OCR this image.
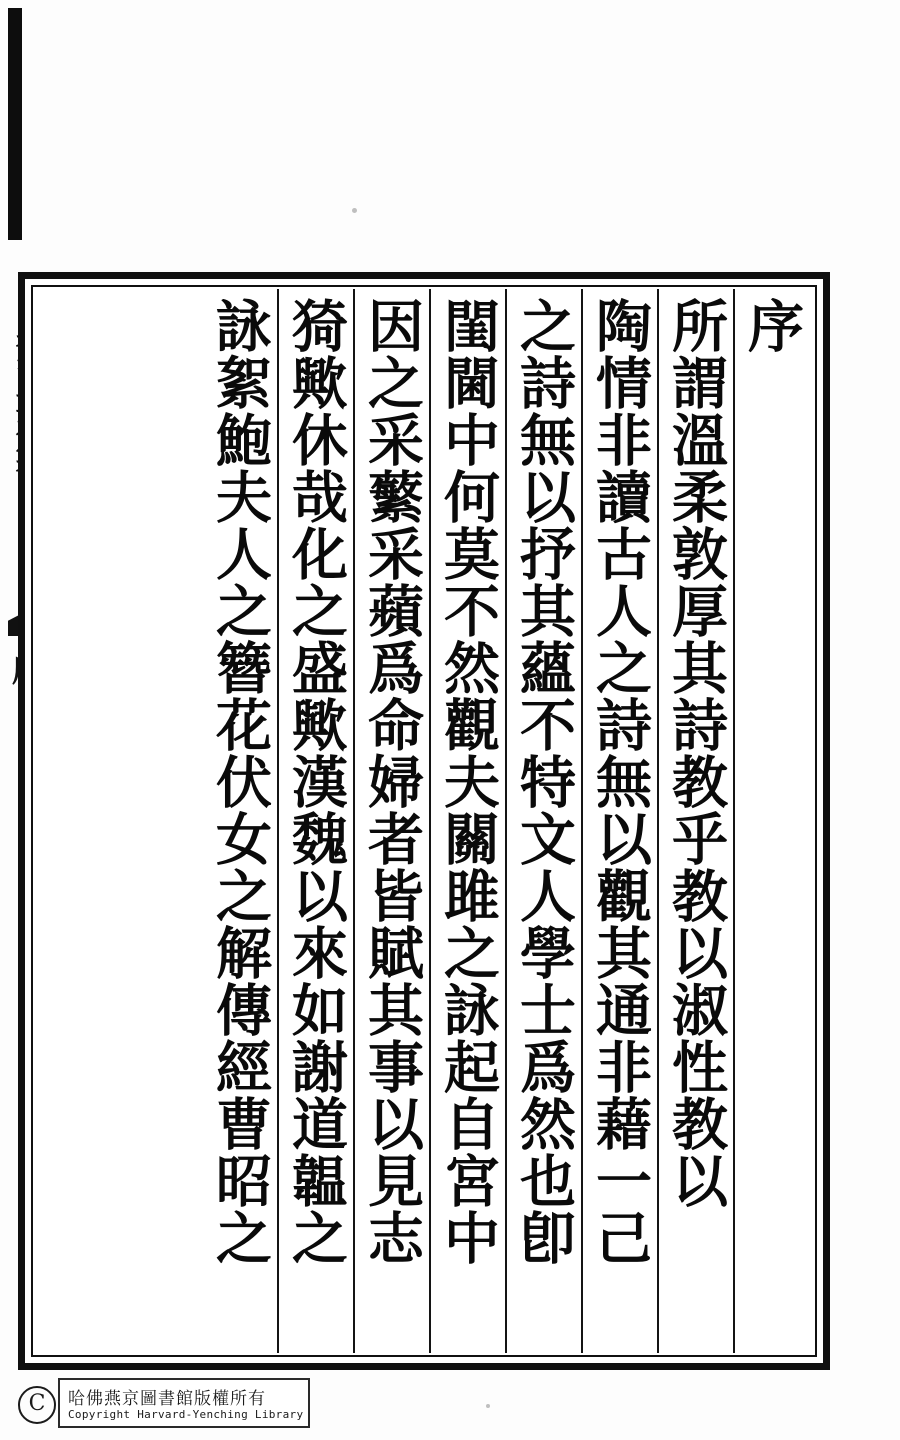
序
所謂溫柔敦厚其詩教乎教以淑性教以
陶情非讀古人之詩無以觀其通非藉一己
之詩無以抒其蘊不特文人學士爲然也卽
閨閫中何莫不然觀夫關雎之詠起自宮中
因之采蘩采蘋爲命婦者皆賦其事以見志
猗歟休哉化之盛歟漢魏以來如謝道韞之
詠絮鮑夫人之簪花伏女之解傳經曹昭之
C	哈佛燕京圖書館版權所有
Copyright Harvard-Yenching Library
